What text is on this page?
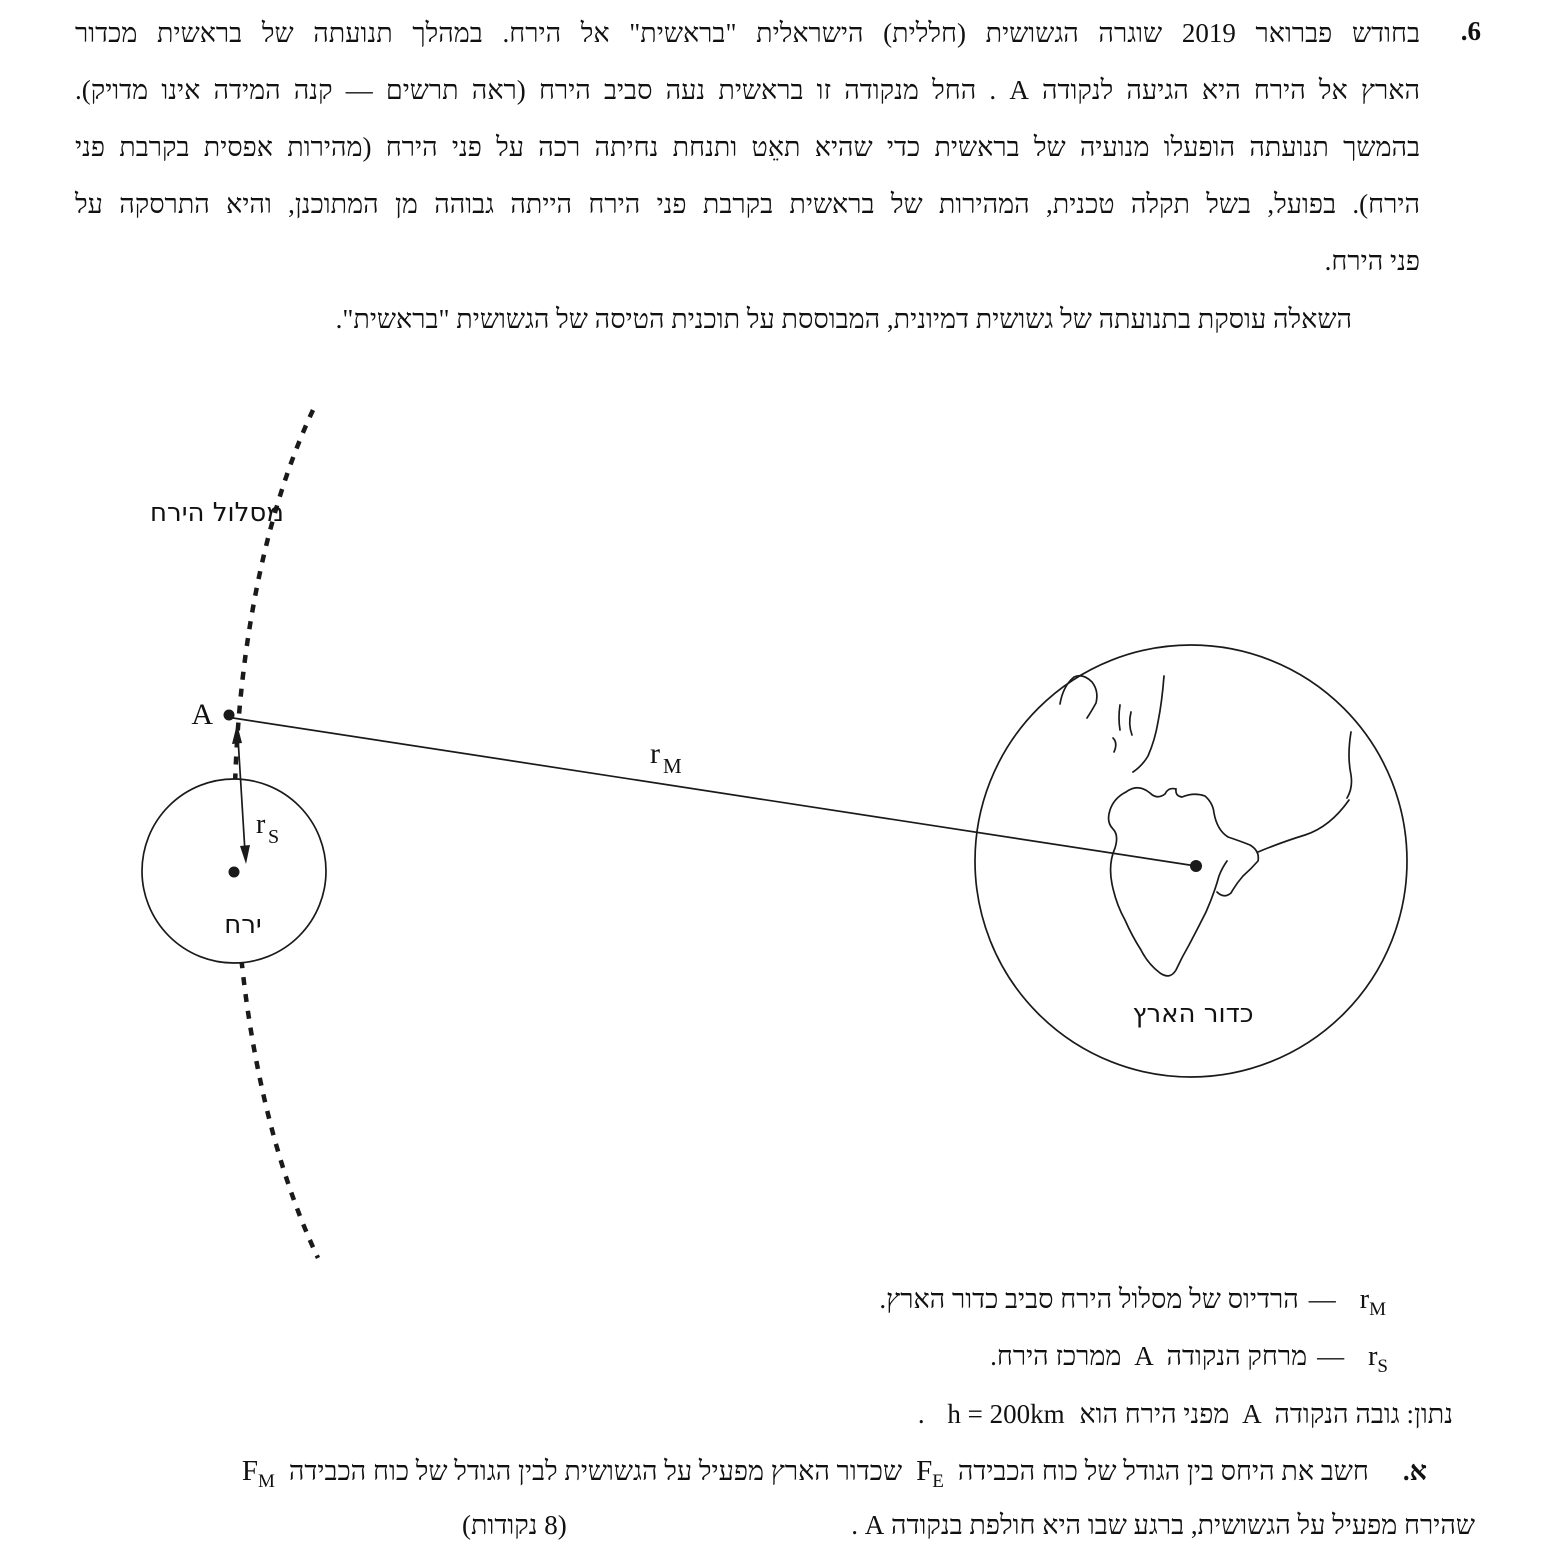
6.
בחודש פברואר 2019 שוגרה הגשושית (חללית) הישראלית "בראשית" אל הירח. במהלך תנועתה של בראשית מכדור
הארץ אל הירח היא הגיעה לנקודה A . החל מנקודה זו בראשית נעה סביב הירח (ראה תרשים — קנה המידה אינו מדויק).
בהמשך תנועתה הופעלו מנועיה של בראשית כדי שהיא תאֵט ותנחת נחיתה רכה על פני הירח (מהירות אפסית בקרבת פני
הירח). בפועל, בשל תקלה טכנית, המהירות של בראשית בקרבת פני הירח הייתה גבוהה מן המתוכנן, והיא התרסקה על
פני הירח.
השאלה עוסקת בתנועתה של גשושית דמיונית, המבוססת על תוכנית הטיסה של הגשושית "בראשית".
מסלול הירח
A
r S
r M
ירח
כדור הארץ
$r_M—הרדיוס$ של מסלול הירח סביב כדור הארץ.
$r_S—מרחק$ הנקודה A ממרכז הירח.
נתון: גובה הנקודה A מפני הירח הוא h = 200km .
א.חשב את היחס בין הגודל של כוח הכבידהF$_E$שכדור הארץ מפעיל על הגשושית לבין הגודל של כוח הכבידהF$_M$
(8 נקודות)	שהירח מפעיל על הגשושית, ברגע שבו היא חולפת בנקודה A .
